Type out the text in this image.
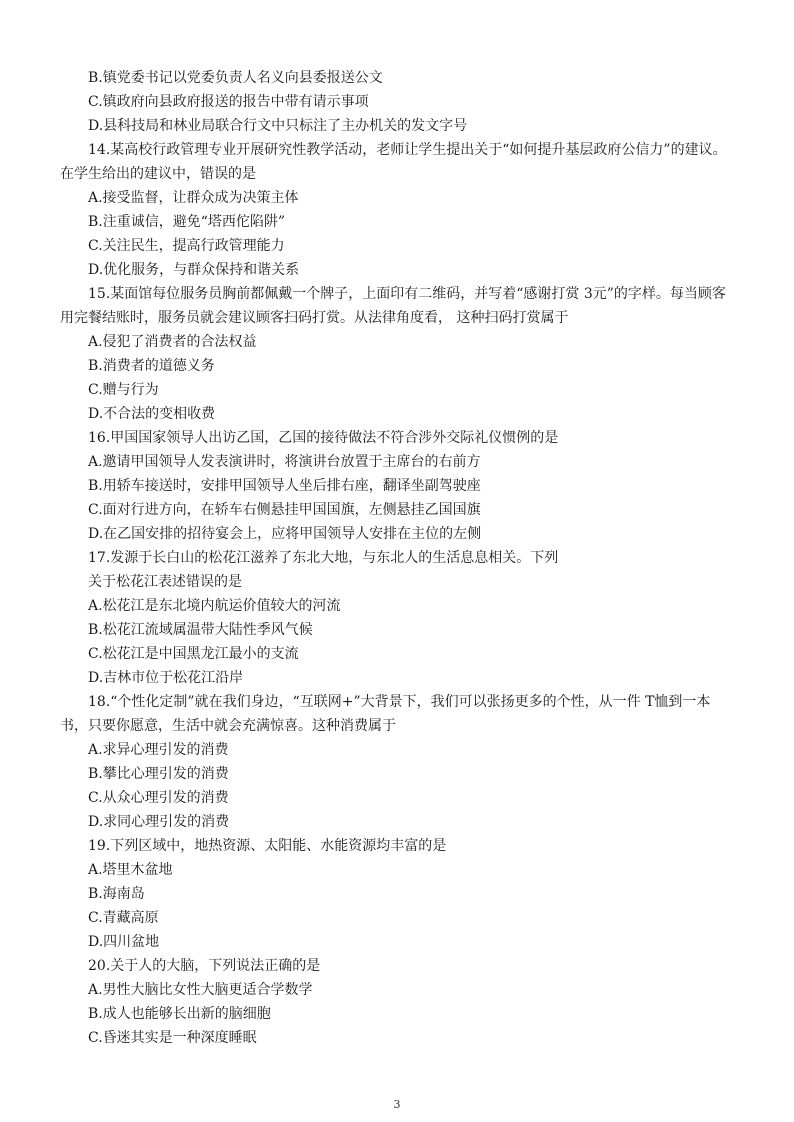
B.镇党委书记以党委负责人名义向县委报送公文
C.镇政府向县政府报送的报告中带有请示事项
D.县科技局和林业局联合行文中只标注了主办机关的发文字号
14.某高校行政管理专业开展研究性教学活动，老师让学生提出关于“如何提升基层政府公信力”的建议。
在学生给出的建议中，错误的是
A.接受监督，让群众成为决策主体
B.注重诚信，避免“塔西佗陷阱”
C.关注民生，提高行政管理能力
D.优化服务，与群众保持和谐关系
15.某面馆每位服务员胸前都佩戴一个牌子，上面印有二维码，并写着“感谢打赏 3元”的字样。每当顾客
用完餐结账时，服务员就会建议顾客扫码打赏。从法律角度看， 这种扫码打赏属于
A.侵犯了消费者的合法权益
B.消费者的道德义务
C.赠与行为
D.不合法的变相收费
16.甲国国家领导人出访乙国，乙国的接待做法不符合涉外交际礼仪惯例的是
A.邀请甲国领导人发表演讲时，将演讲台放置于主席台的右前方
B.用轿车接送时，安排甲国领导人坐后排右座，翻译坐副驾驶座
C.面对行进方向，在轿车右侧悬挂甲国国旗，左侧悬挂乙国国旗
D.在乙国安排的招待宴会上，应将甲国领导人安排在主位的左侧
17.发源于长白山的松花江滋养了东北大地，与东北人的生活息息相关。下列
关于松花江表述错误的是
A.松花江是东北境内航运价值较大的河流
B.松花江流域属温带大陆性季风气候
C.松花江是中国黑龙江最小的支流
D.吉林市位于松花江沿岸
18.“个性化定制”就在我们身边，“互联网+”大背景下，我们可以张扬更多的个性，从一件 T恤到一本
书，只要你愿意，生活中就会充满惊喜。这种消费属于
A.求异心理引发的消费
B.攀比心理引发的消费
C.从众心理引发的消费
D.求同心理引发的消费
19.下列区域中，地热资源、太阳能、水能资源均丰富的是
A.塔里木盆地
B.海南岛
C.青藏高原
D.四川盆地
20.关于人的大脑，下列说法正确的是
A.男性大脑比女性大脑更适合学数学
B.成人也能够长出新的脑细胞
C.昏迷其实是一种深度睡眠
3
